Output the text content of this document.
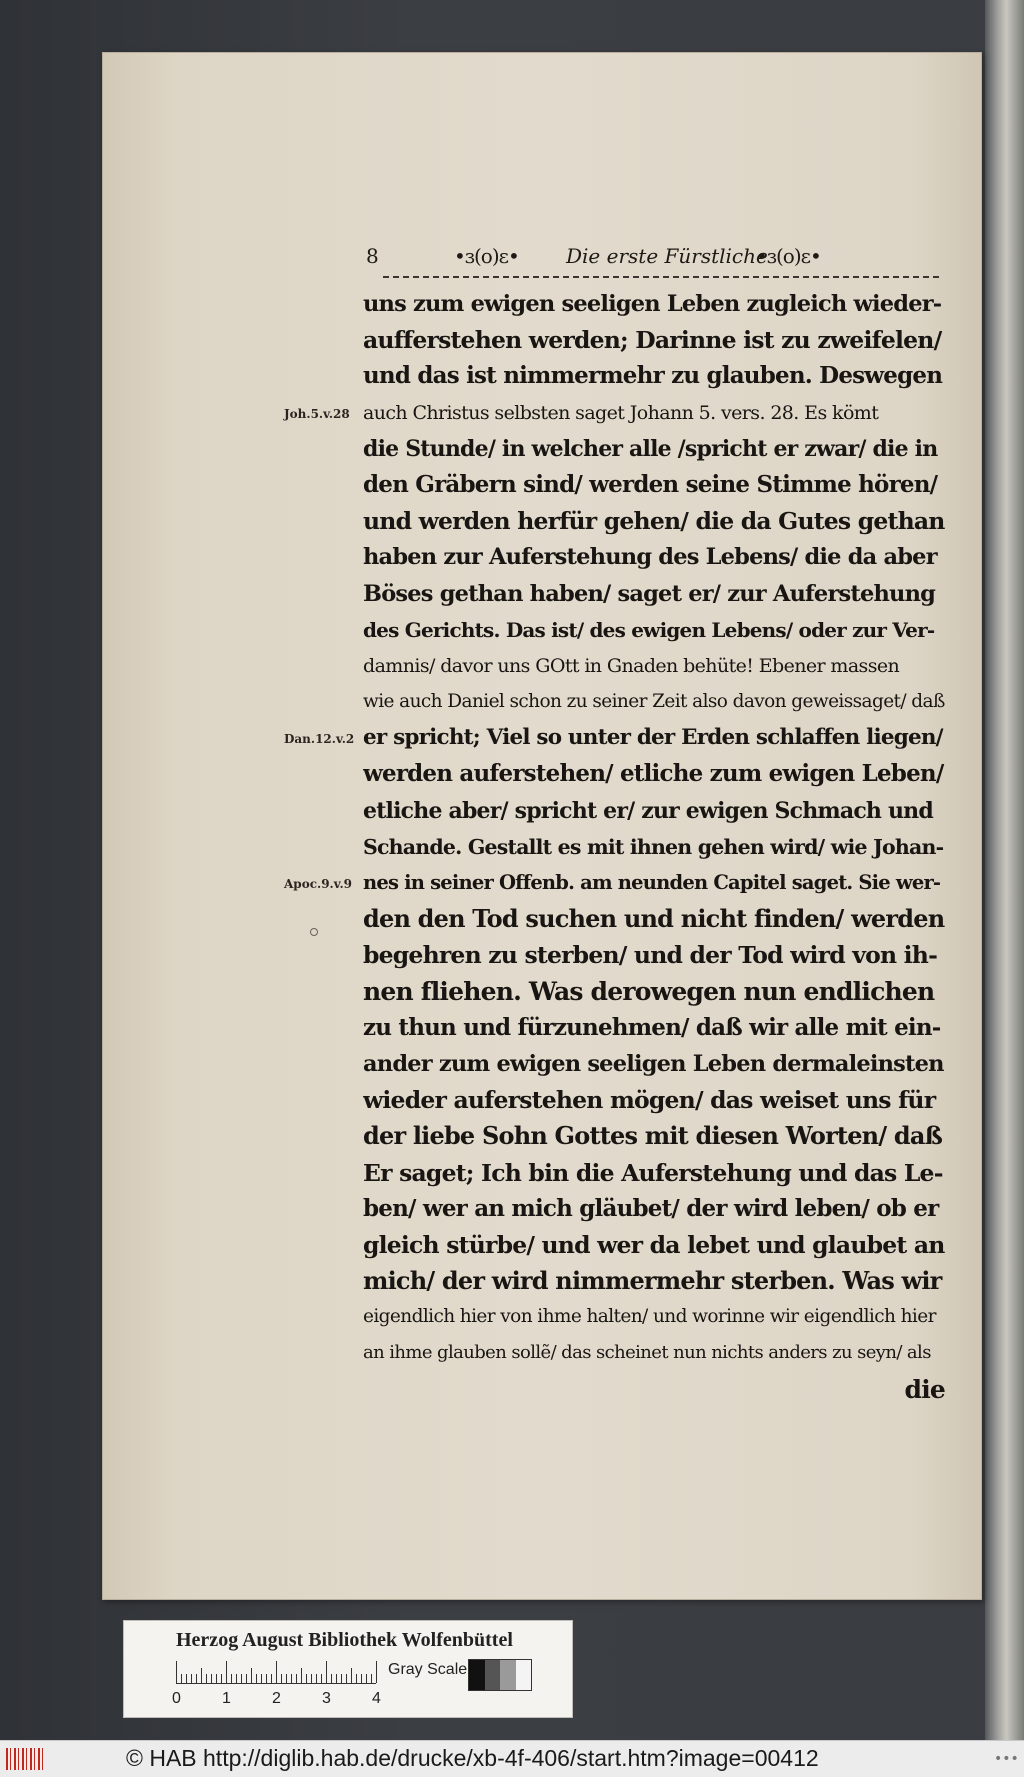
8	•ɜ(o)ɛ• Die erste Fürstliche
•ɜ(o)ɛ•
uns zum ewigen seeligen Leben zugleich wieder-
aufferstehen werden; Darinne ist zu zweifelen/
und das ist nimmermehr zu glauben. Deswegen
auch Christus selbsten saget Johann 5. vers. 28. Es kömt
die Stunde/ in welcher alle /spricht er zwar/ die in
den Gräbern sind/ werden seine Stimme hören/
und werden herfür gehen/ die da Gutes gethan
haben zur Auferstehung des Lebens/ die da aber
Böses gethan haben/ saget er/ zur Auferstehung
des Gerichts. Das ist/ des ewigen Lebens/ oder zur Ver-
damnis/ davor uns GOtt in Gnaden behüte! Ebener massen
wie auch Daniel schon zu seiner Zeit also davon geweissaget/ daß
er spricht; Viel so unter der Erden schlaffen liegen/
werden auferstehen/ etliche zum ewigen Leben/
etliche aber/ spricht er/ zur ewigen Schmach und
Schande. Gestallt es mit ihnen gehen wird/ wie Johan-
nes in seiner Offenb. am neunden Capitel saget. Sie wer-
den den Tod suchen und nicht finden/ werden
begehren zu sterben/ und der Tod wird von ih-
nen fliehen. Was derowegen nun endlichen
zu thun und fürzunehmen/ daß wir alle mit ein-
ander zum ewigen seeligen Leben dermaleinsten
wieder auferstehen mögen/ das weiset uns für
der liebe Sohn Gottes mit diesen Worten/ daß
Er saget; Ich bin die Auferstehung und das Le-
ben/ wer an mich gläubet/ der wird leben/ ob er
gleich stürbe/ und wer da lebet und glaubet an
mich/ der wird nimmermehr sterben. Was wir
eigendlich hier von ihme halten/ und worinne wir eigendlich hier
an ihme glauben sollẽ/ das scheinet nun nichts anders zu seyn/ als
die
Joh.5.v.28
Dan.12.v.2
Apoc.9.v.9
Herzog August Bibliothek Wolfenbüttel
0	1	2	3	4
Gray Scale
© HAB http://diglib.hab.de/drucke/xb-4f-406/start.htm?image=00412	•••
